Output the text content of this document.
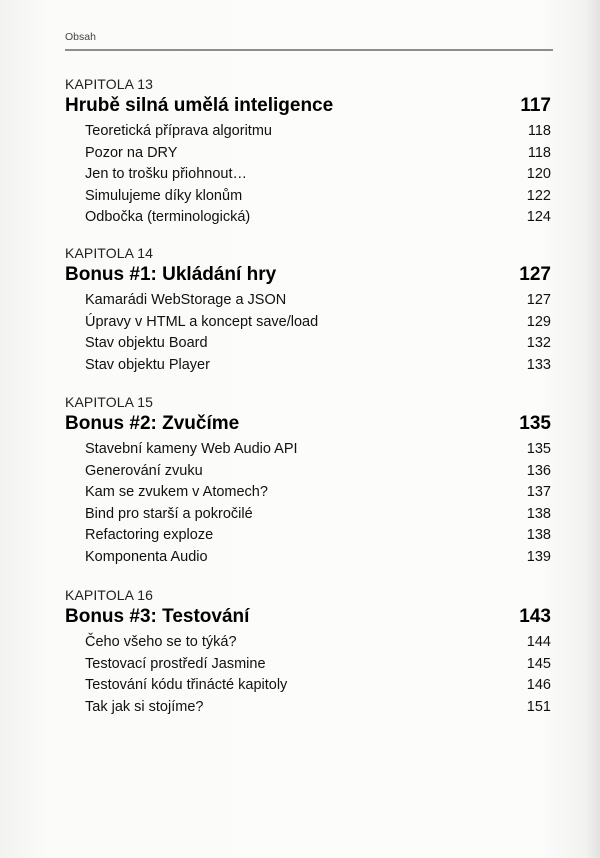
Obsah
KAPITOLA 13
Hrubě silná umělá inteligence	117
Teoretická příprava algoritmu	118
Pozor na DRY	118
Jen to trošku přiohnout…	120
Simulujeme díky klonům	122
Odbočka (terminologická)	124
KAPITOLA 14
Bonus #1: Ukládání hry	127
Kamarádi WebStorage a JSON	127
Úpravy v HTML a koncept save/load	129
Stav objektu Board	132
Stav objektu Player	133
KAPITOLA 15
Bonus #2: Zvučíme	135
Stavební kameny Web Audio API	135
Generování zvuku	136
Kam se zvukem v Atomech?	137
Bind pro starší a pokročilé	138
Refactoring exploze	138
Komponenta Audio	139
KAPITOLA 16
Bonus #3: Testování	143
Čeho všeho se to týká?	144
Testovací prostředí Jasmine	145
Testování kódu třinácté kapitoly	146
Tak jak si stojíme?	151
